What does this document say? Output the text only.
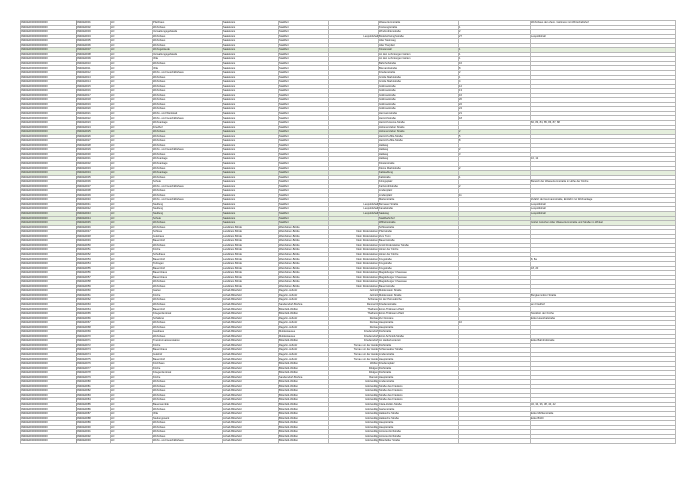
094DE0000000000000	094DE0001	LD	Pfarrhaus	Saalekreis	Stadtfurt		Wasserturmstraße		Wohnhaus der ehem. Gärtnerei mit Wirtschaftshof
094DE0000000000000	094DE0002	LD	Wohnhaus	Saalekreis	Stadtfurt		Kreisvogtstraße	1	
094DE0000000000000	094DE0003	LD	Verwaltungsgebäude	Saalekreis	Stadtfurt		Windmühlenstraße	2	
094DE0000000000000	094DE0004	LD	Wohnhaus	Saalekreis	Stadtfurt	Leopoldshall	Bodelschwinghstraße	27	Leopoldshall
094DE0000000000000	094DE0005	LD	Wohnhaus	Saalekreis	Stadtfurt		Alter Steinweg		
094DE0000000000000	094DE0006	LD	Wohnhaus	Saalekreis	Stadtfurt		Alter Tierpfad		
094DE0000000000000	094DE0007	LD	Wohngebäude	Saalekreis	Stadtfurt		Klosterwall	1	
094DE0000000000000	094DE0008	LD	Verwaltungsgebäude	Saalekreis	Stadtfurt		An den Lohmtorgen Gärten	1	
094DE0000000000000	094DE0009	LD	Villa	Saalekreis	Stadtfurt		An den Lohmtorgen Gärten	1	
094DE0000000000000	094DE0010	LD	Wohnhaus	Saalekreis	Stadtfurt		Bahnhofstraße	16	
094DE0000000000000	094DE0011	LD	Villa	Saalekreis	Stadtfurt		Bismarckstraße	8	
094DE0000000000000	094DE0012	LD	Wohn- und Geschäftshaus	Saalekreis	Stadtfurt		Friedenstraße	2	
094DE0000000000000	094DE0013	LD	Wohnhaus	Saalekreis	Stadtfurt		Große Marktstraße	1	
094DE0000000000000	094DE0014	LD	Wohnhaus	Saalekreis	Stadtfurt		Große Marktstraße	4	
094DE0000000000000	094DE0015	LD	Wohnhaus	Saalekreis	Stadtfurt		Gollnowstraße	12	
094DE0000000000000	094DE0016	LD	Wohnhaus	Saalekreis	Stadtfurt		Gollnowstraße	13	
094DE0000000000000	094DE0017	LD	Wohnhaus	Saalekreis	Stadtfurt		Gollnowstraße	16	
094DE0000000000000	094DE0018	LD	Wohnhaus	Saalekreis	Stadtfurt		Gollnowstraße	20	
094DE0000000000000	094DE0019	LD	Wohnhaus	Saalekreis	Stadtfurt		Gollnowstraße	22	
094DE0000000000000	094DE0020	LD	Wohnhaus	Saalekreis	Stadtfurt		Gollnowstraße	24	
094DE0000000000000	094DE0021	LD	Wohn- und Werkstatt	Saalekreis	Stadtfurt		Hermannstraße	21	
094DE0000000000000	094DE0022	LD	Wohn- und Geschäftshaus	Saalekreis	Stadtfurt		Heinrichstraße	18	
094DE0000000000000	094DE0023	LD	Wohnanlage	Saalekreis	Stadtfurt		Heinrich-Heine-Straße		82, 83, 84, 85, 86, 87, 88
094DE0000000000000	094DE0024	LD	Friedhof	Saalekreis	Stadtfurt		Hohenerxleber Straße		
094DE0000000000000	094DE0025	LD	Wohnhaus	Saalekreis	Stadtfurt		Hohenerxleber Straße	2	
094DE0000000000000	094DE0026	LD	Wohnhaus	Saalekreis	Stadtfurt		Heinrich-Zille-Straße	5	
094DE0000000000000	094DE0027	LD	Wohnhaus	Saalekreis	Stadtfurt		Heinrich-Zille-Straße	8	
094DE0000000000000	094DE0028	LD	Wohnhaus	Saalekreis	Stadtfurt		Hallweg		
094DE0000000000000	094DE0029	LD	Wohn- und Geschäftshaus	Saalekreis	Stadtfurt		Hallweg	2	
094DE0000000000000	094DE0030	LD	Wohnhaus	Saalekreis	Stadtfurt		Hallweg	3	
094DE0000000000000	094DE0031	LD	Wohnanlage	Saalekreis	Stadtfurt		Hallweg		10, 12
094DE0000000000000	094DE0032	LD	Wohnanlage	Saalekreis	Stadtfurt		Klosterstraße		
094DE0000000000000	094DE0033	LD	Wohnhaus	Saalekreis	Stadtfurt		Kleine Marktstraße	2	
094DE0000000000000	094DE0034	LD	Wohnanlage	Saalekreis	Stadtfurt		Kalisiedlung		
094DE0000000000000	094DE0035	LD	Wohnhaus	Saalekreis	Stadtfurt		Kalistraße	1	
094DE0000000000000	094DE0036	LD	Schule	Saalekreis	Stadtfurt		Königsplatz		Bereich der Wasserturmstraße in Höhe der Kirche
094DE0000000000000	094DE0037	LD	Wohn- und Geschäftshaus	Saalekreis	Stadtfurt		Karlsmühlstraße	2	
094DE0000000000000	094DE0038	LD	Wohnhaus	Saalekreis	Stadtfurt		Lindenplatz		
094DE0000000000000	094DE0039	LD	Wohnhaus	Saalekreis	Stadtfurt		Lindenplatz	11	
094DE0000000000000	094DE0040	LD	Wohn- und Geschäftshaus	Saalekreis	Stadtfurt		Marienstraße		Zufahrt der Hermannstraße, Einfahrt zur Wohnanlage
094DE0000000000000	094DE0041	LD	Siedlung	Saalekreis	Stadtfurt	Leopoldshall	Bernauer Straße		Leopoldshall
094DE0000000000000	094DE0042	LD	Siedlung	Saalekreis	Stadtfurt	Leopoldshall	Kanalstraße		Leopoldshall
094DE0000000000000	094DE0043	LD	Siedlung	Saalekreis	Stadtfurt	Leopoldshall	Saalweg		Leopoldshall
094DE0000000000000	094DE0044	LD	Schule	Saalekreis	Stadtfurt		Stadtbahnhof		
094DE0000000000000	094DE0045	LD	Wohnhaus	Saalekreis	Stadtfurt		Wilhelmstraße		Gürtel zwischen Alter Wasserturmstraße und Straße im Winkel
094DE0000000000000	094DE0046	LD	Wohnhaus	Landkreis Börde	Wanzleben-Börde		Schlosstraße		
094DE0000000000000	094DE0047	LD	Schloss	Landkreis Börde	Wanzleben-Börde	Klein Rodensleben	Pfarrstraße		
094DE0000000000000	094DE0048	LD	Gutshaus	Landkreis Börde	Wanzleben-Börde	Klein Rodensleben	Zum Turm		
094DE0000000000000	094DE0049	LD	Bauernhof	Landkreis Börde	Wanzleben-Börde	Klein Rodensleben	Bauernstraße		
094DE0000000000000	094DE0050	LD	Wohnhaus	Landkreis Börde	Wanzleben-Börde	Klein Rodensleben	Groß Rodensleber Straße		
094DE0000000000000	094DE0051	LD	Kirche	Landkreis Börde	Wanzleben-Börde	Klein Rodensleben	Hinter der Kirche		
094DE0000000000000	094DE0052	LD	Schulhaus	Landkreis Börde	Wanzleben-Börde	Klein Rodensleben	Hinter der Kirche		
094DE0000000000000	094DE0053	LD	Bauernhof	Landkreis Börde	Wanzleben-Börde	Klein Rodensleben	Krugstraße		8, 8a
094DE0000000000000	094DE0054	LD	Torbogen	Landkreis Börde	Wanzleben-Börde	Klein Rodensleben	Krugstraße		
094DE0000000000000	094DE0055	LD	Bauernhof	Landkreis Börde	Wanzleben-Börde	Klein Rodensleben	Krugstraße		18, 20
094DE0000000000000	094DE0056	LD	Bauernhaus	Landkreis Börde	Wanzleben-Börde	Klein Rodensleben	Magdeburger Chaussee		
094DE0000000000000	094DE0057	LD	Bauernhaus	Landkreis Börde	Wanzleben-Börde	Klein Rodensleben	Magdeburger Chaussee		
094DE0000000000000	094DE0058	LD	Wohnhaus	Landkreis Börde	Wanzleben-Börde	Klein Rodensleben	Magdeburger Chaussee		
094DE0000000000000	094DE0059	LD	Wohnhaus	Landkreis Börde	Wanzleben-Börde	Klein Rodensleben	Bauernstraße		
094DE0000000000000	094DE0060	LD	Garten	Anhalt-Bitterfeld	Raguhn-Jeßnitz	Jeßnitz	Muldenstein Straße		
094DE0000000000000	094DE0061	LD	Kirche	Anhalt-Bitterfeld	Raguhn-Jeßnitz	Jeßnitz	Muldenstein Straße		Burgkemnitzer Straße
094DE0000000000000	094DE0062	LD	Wohnhaus	Anhalt-Bitterfeld	Raguhn-Jeßnitz	Schierau	An der Petruskirche	1	
094DE0000000000000	094DE0063	LD	Wohnhaus	Anhalt-Bitterfeld	Sandersdorf-Brehna	Renneritz	Friedensstraße		am Friedhof
094DE0000000000000	094DE0064	LD	Bauernhof	Anhalt-Bitterfeld	Bitterfeld-Wolfen	Thalheim	Ernst-Thälmann-Platz	1	
094DE0000000000000	094DE0065	LD	Kriegerdenkmal	Anhalt-Bitterfeld	Bitterfeld-Wolfen	Thalheim	Ernst-Thälmann-Platz		Nordöstl. der Kirche
094DE0000000000000	094DE0066	LD	Schäferei	Anhalt-Bitterfeld	Raguhn-Jeßnitz	Retzau	Zur Domäne		Ecke Heusthalstraße
094DE0000000000000	094DE0067	LD	Wohnhaus	Anhalt-Bitterfeld	Raguhn-Jeßnitz	Retzau	Hauptstraße	10	
094DE0000000000000	094DE0068	LD	Wohnhaus	Anhalt-Bitterfeld	Raguhn-Jeßnitz	Retzau	Hauptstraße		
094DE0000000000000	094DE0069	LD	Gasthaus	Anhalt-Bitterfeld	Muldestausee	Friedersdorf	Dorfstraße		
094DE0000000000000	094DE0070	LD	Wohnhaus	Anhalt-Bitterfeld	Muldestausee	Friedersdorf	Ernst-Schmidt-Straße		
094DE0000000000000	094DE0071	LD	Transformatorenstation	Anhalt-Bitterfeld	Bitterfeld-Wolfen	Friedersdorf	An Heiderkunterstr.		Ecke Bahnhofstraße
094DE0000000000000	094DE0072	LD	Kirche	Anhalt-Bitterfeld	Raguhn-Jeßnitz	Tornau vor der Heide	Dorfstraße		
094DE0000000000000	094DE0073	LD	Bauernhaus	Anhalt-Bitterfeld	Raguhn-Jeßnitz	Tornau vor der Heide	Schierauaber Straße		
094DE0000000000000	094DE0074	LD	Gutshof	Anhalt-Bitterfeld	Raguhn-Jeßnitz	Tornau vor der Heide	Lindenstraße		
094DE0000000000000	094DE0075	LD	Bauernhof	Anhalt-Bitterfeld	Raguhn-Jeßnitz	Tornau vor der Heide	Hauptstraße		
094DE0000000000000	094DE0076	LD	Kirchhaus	Anhalt-Bitterfeld	Bitterfeld-Wolfen	Wolfen	Friedensplatz		
094DE0000000000000	094DE0077	LD	Kirche	Anhalt-Bitterfeld	Bitterfeld-Wolfen	Rödgen	Dorfstraße		
094DE0000000000000	094DE0078	LD	Kriegerdenkmal	Anhalt-Bitterfeld	Bitterfeld-Wolfen	Rödgen	Dorfstraße		
094DE0000000000000	094DE0079	LD	Kirche	Anhalt-Bitterfeld	Sandersdorf-Brehna	Ramsin	Hauptstraße		
094DE0000000000000	094DE0080	LD	Wohnhaus	Anhalt-Bitterfeld	Bitterfeld-Wolfen	Holzweißig	Lindenstraße		
094DE0000000000000	094DE0081	LD	Wohnhaus	Anhalt-Bitterfeld	Bitterfeld-Wolfen	Holzweißig	Straße des Friedens		
094DE0000000000000	094DE0082	LD	Wohnhaus	Anhalt-Bitterfeld	Bitterfeld-Wolfen	Holzweißig	Straße des Friedens		
094DE0000000000000	094DE0083	LD	Wohnhaus	Anhalt-Bitterfeld	Bitterfeld-Wolfen	Holzweißig	Straße des Friedens		
094DE0000000000000	094DE0084	LD	Wohnhaus	Anhalt-Bitterfeld	Bitterfeld-Wolfen	Holzweißig	Straße des Friedens		
094DE0000000000000	094DE0085	LD	Bauensemble	Anhalt-Bitterfeld	Bitterfeld-Wolfen	Holzweißig	Clara-Zetkin-Straße		32, 34, 36, 38, 40, 42
094DE0000000000000	094DE0086	LD	Wohnhaus	Anhalt-Bitterfeld	Bitterfeld-Wolfen	Holzweißig	Gartenstraße		
094DE0000000000000	094DE0087	LD	Villa	Anhalt-Bitterfeld	Bitterfeld-Wolfen	Holzweißig	Hallesche Straße		Ecke Mühlenstraße
094DE0000000000000	094DE0088	LD	Siedungswerk	Anhalt-Bitterfeld	Bitterfeld-Wolfen	Holzweißig	Hallesche Straße		Ecke B100
094DE0000000000000	094DE0089	LD	Wohnhaus	Anhalt-Bitterfeld	Bitterfeld-Wolfen	Holzweißig	Hauptstraße		
094DE0000000000000	094DE0090	LD	Wohnhaus	Anhalt-Bitterfeld	Bitterfeld-Wolfen	Holzweißig	Hauptstraße		
094DE0000000000000	094DE0091	LD	Wohnhaus	Anhalt-Bitterfeld	Bitterfeld-Wolfen	Holzweißig	Antonie-Dorfstraße		
094DE0000000000000	094DE0092	LD	Wohnhaus	Anhalt-Bitterfeld	Bitterfeld-Wolfen	Holzweißig	Antonie-Dorfstraße		
094DE0000000000000	094DE0093	LD	Wohn- und Geschäftshaus	Anhalt-Bitterfeld	Bitterfeld-Wolfen	Holzweißig	Bitterfelder Straße		
